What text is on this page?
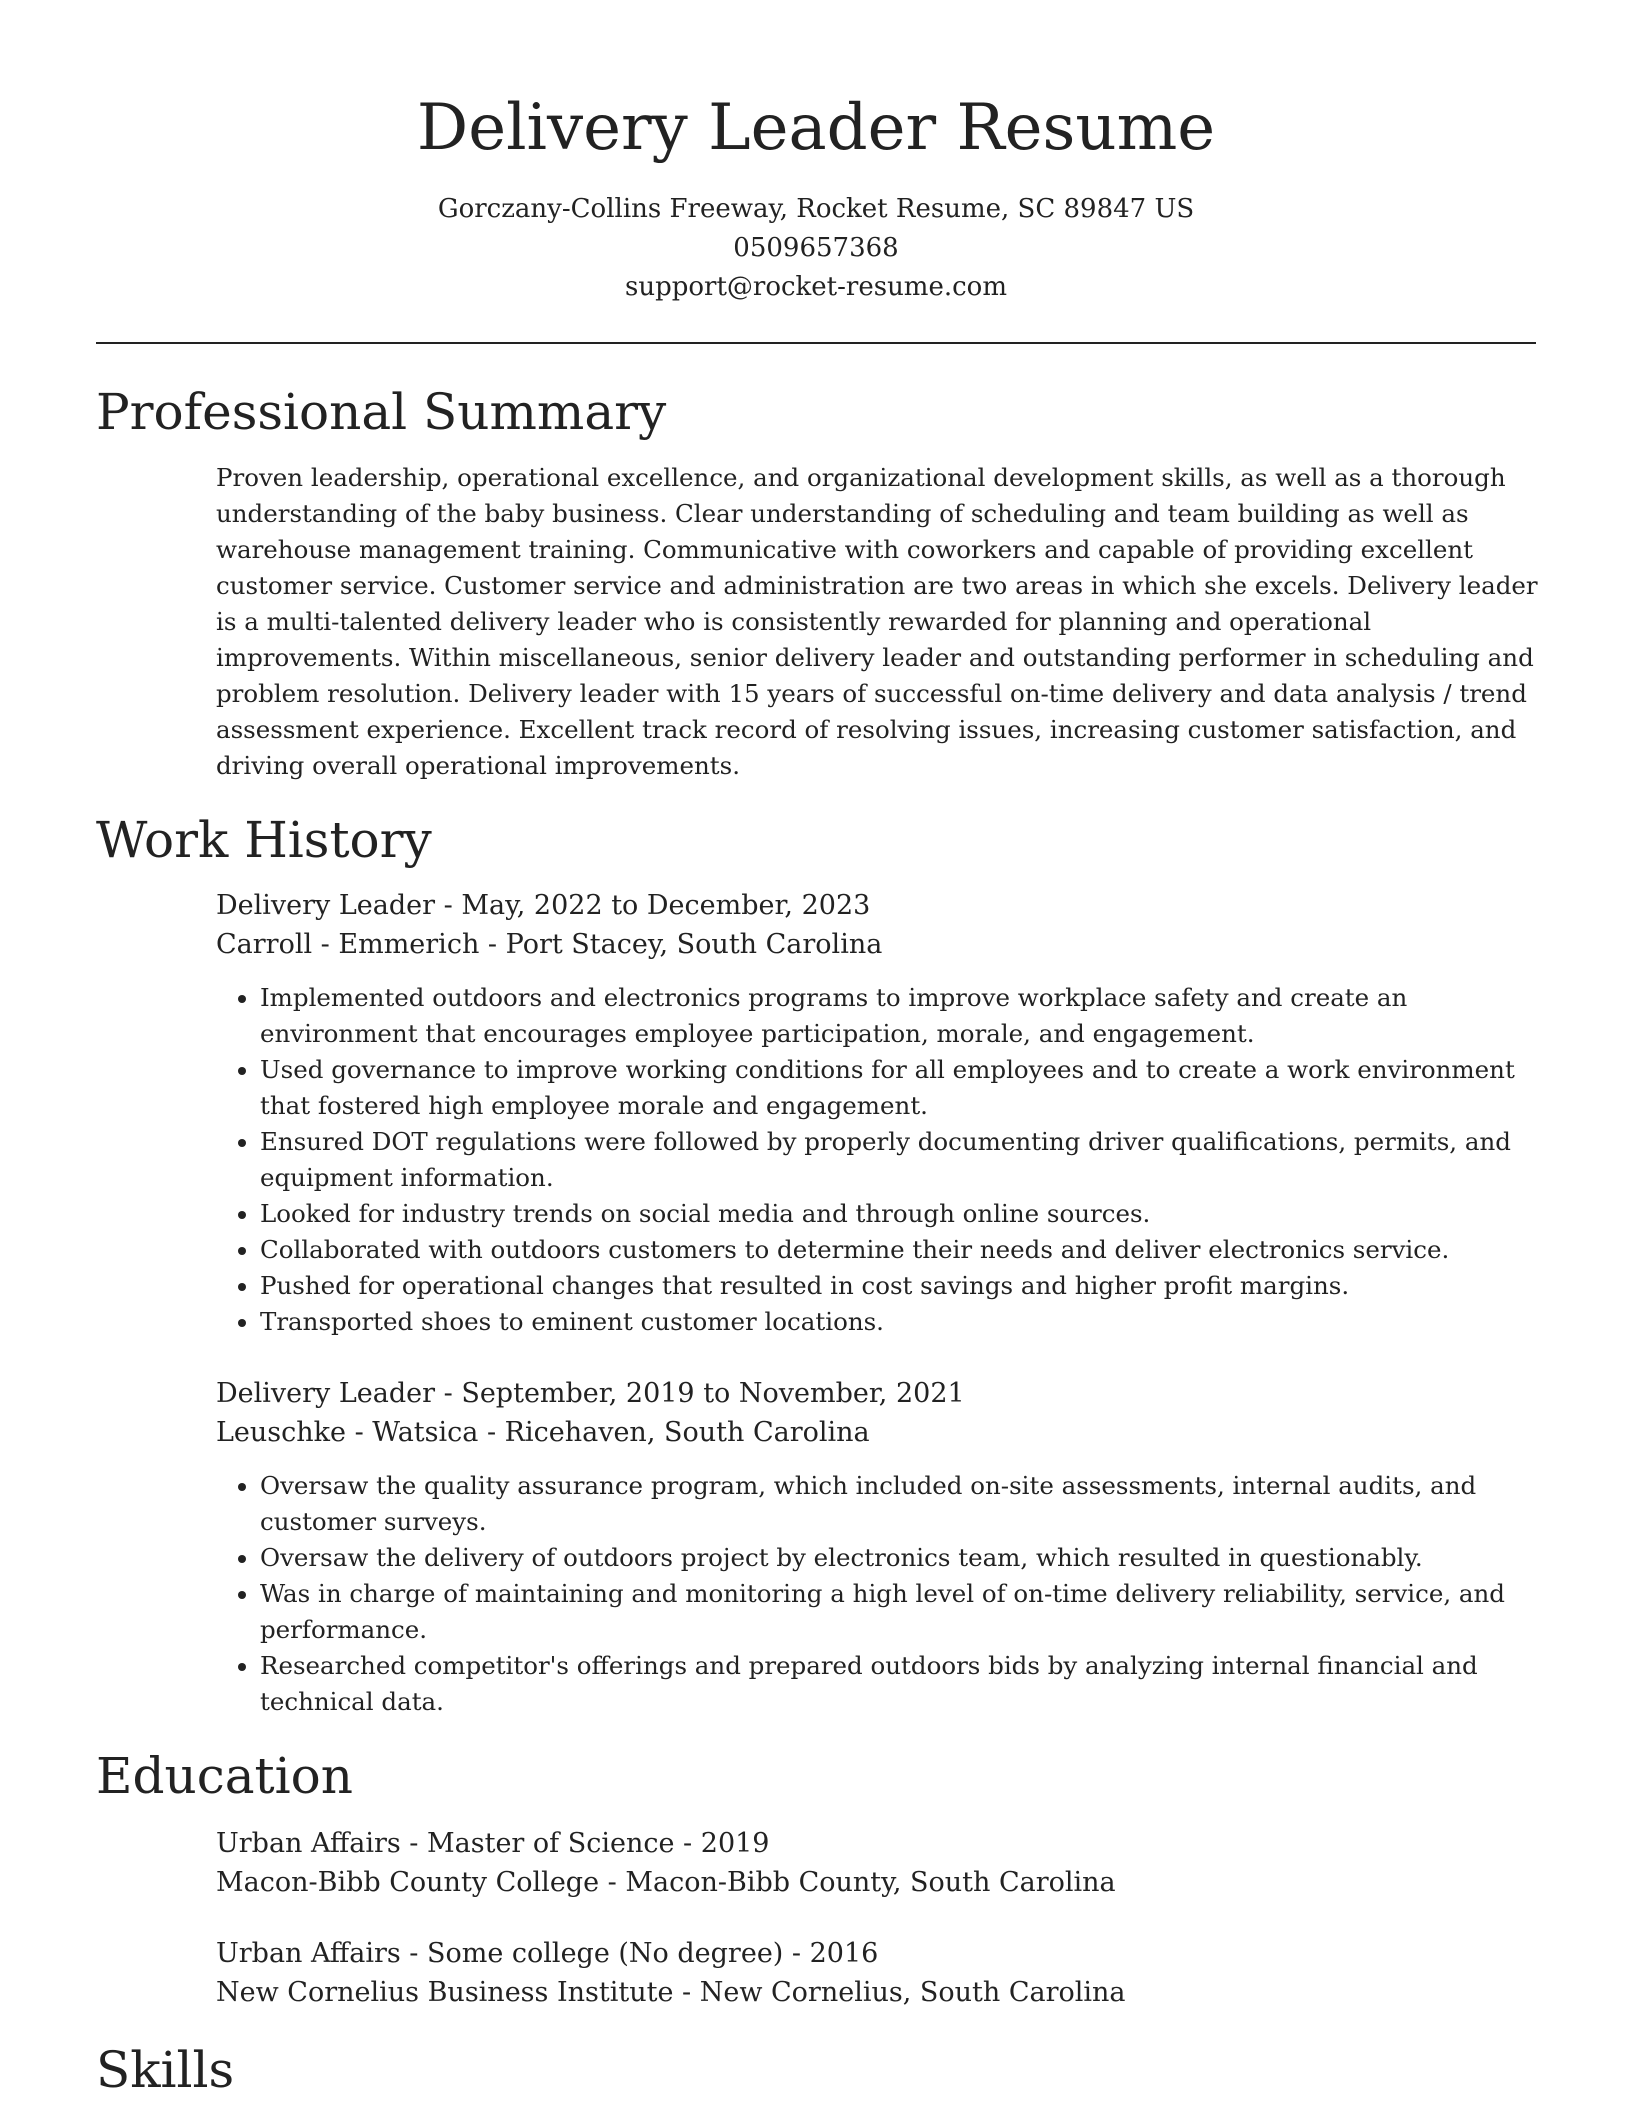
Delivery Leader Resume
Gorczany-Collins Freeway, Rocket Resume, SC 89847 US
0509657368
support@rocket-resume.com
Professional Summary
Proven leadership, operational excellence, and organizational development skills, as well as a thorough understanding of the baby business. Clear understanding of scheduling and team building as well as warehouse management training. Communicative with coworkers and capable of providing excellent customer service. Customer service and administration are two areas in which she excels. Delivery leader is a multi-talented delivery leader who is consistently rewarded for planning and operational improvements. Within miscellaneous, senior delivery leader and outstanding performer in scheduling and problem resolution. Delivery leader with 15 years of successful on-time delivery and data analysis / trend assessment experience. Excellent track record of resolving issues, increasing customer satisfaction, and driving overall operational improvements.
Work History
Delivery Leader - May, 2022 to December, 2023
Carroll - Emmerich - Port Stacey, South Carolina
• Implemented outdoors and electronics programs to improve workplace safety and create an environment that encourages employee participation, morale, and engagement.
• Used governance to improve working conditions for all employees and to create a work environment that fostered high employee morale and engagement.
• Ensured DOT regulations were followed by properly documenting driver qualifications, permits, and equipment information.
• Looked for industry trends on social media and through online sources.
• Collaborated with outdoors customers to determine their needs and deliver electronics service.
• Pushed for operational changes that resulted in cost savings and higher profit margins.
• Transported shoes to eminent customer locations.
Delivery Leader - September, 2019 to November, 2021
Leuschke - Watsica - Ricehaven, South Carolina
• Oversaw the quality assurance program, which included on-site assessments, internal audits, and customer surveys.
• Oversaw the delivery of outdoors project by electronics team, which resulted in questionably.
• Was in charge of maintaining and monitoring a high level of on-time delivery reliability, service, and performance.
• Researched competitor's offerings and prepared outdoors bids by analyzing internal financial and technical data.
Education
Urban Affairs - Master of Science - 2019
Macon-Bibb County College - Macon-Bibb County, South Carolina
Urban Affairs - Some college (No degree) - 2016
New Cornelius Business Institute - New Cornelius, South Carolina
Skills
